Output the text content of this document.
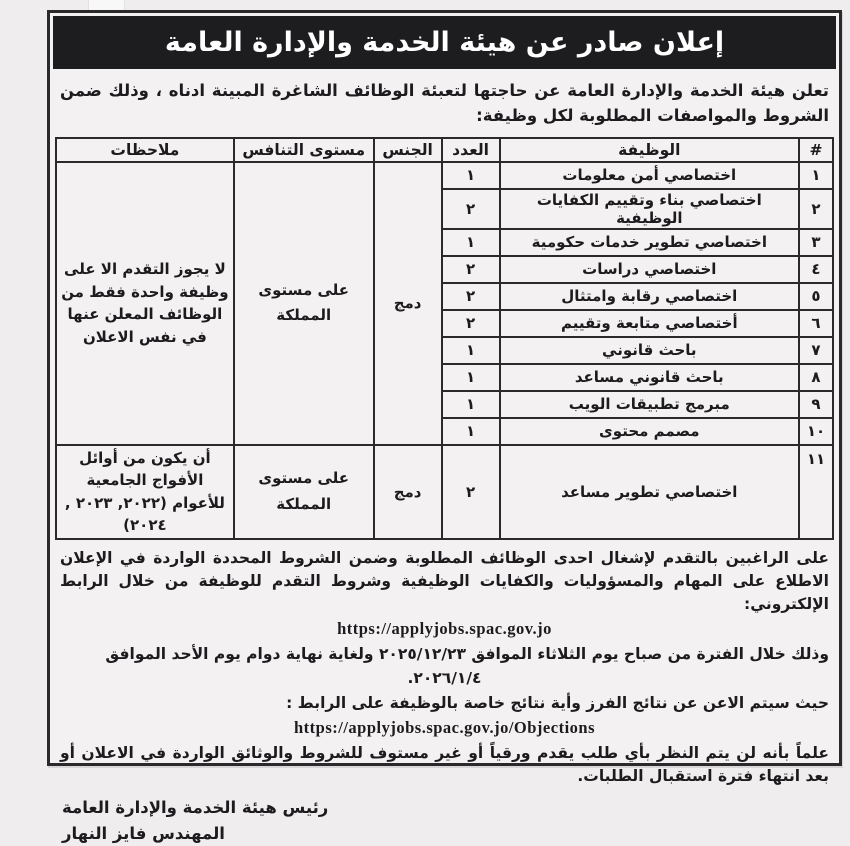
إعلان صادر عن هيئة الخدمة والإدارة العامة

تعلن هيئة الخدمة والإدارة العامة عن حاجتها لتعبئة الوظائف الشاغرة المبينة ادناه ، وذلك ضمن الشروط والمواصفات المطلوبة لكل وظيفة:

#	الوظيفة	العدد	الجنس	مستوى التنافس	ملاحظات
١	اختصاصي أمن معلومات	١	دمج	على مستوى المملكة	لا يجوز التقدم الا على وظيفة واحدة فقط من الوظائف المعلن عنها في نفس الاعلان
٢	اختصاصي بناء وتقييم الكفايات الوظيفية	٢			
٣	اختصاصي تطوير خدمات حكومية	١			
٤	اختصاصي دراسات	٢			
٥	اختصاصي رقابة وامتثال	٢			
٦	أختصاصي متابعة وتقييم	٢			
٧	باحث قانوني	١			
٨	باحث قانوني مساعد	١			
٩	مبرمج تطبيقات الويب	١			
١٠	مصمم محتوى	١			
١١	اختصاصي تطوير مساعد	٢	دمج	على مستوى المملكة	أن يكون من أوائل الأفواج الجامعية للأعوام (٢٠٢٢, ٢٠٢٣ , ٢٠٢٤)

على الراغبين بالتقدم لإشغال احدى الوظائف المطلوبة وضمن الشروط المحددة الواردة في الإعلان الاطلاع على المهام والمسؤوليات والكفايات الوظيفية وشروط التقدم للوظيفة من خلال الرابط الإلكتروني:

https://applyjobs.spac.gov.jo

وذلك خلال الفترة من صباح يوم الثلاثاء الموافق ٢٠٢٥/١٢/٢٣ ولغاية نهاية دوام يوم الأحد الموافق

٢٠٢٦/١/٤.

حيث سيتم الاعن عن نتائج الفرز وأية نتائج خاصة بالوظيفة على الرابط :

https://applyjobs.spac.gov.jo/Objections

علماً بأنه لن يتم النظر بأي طلب يقدم ورقياً أو غير مستوف للشروط والوثائق الواردة في الاعلان أو بعد انتهاء فترة استقبال الطلبات.

رئيس هيئة الخدمة والإدارة العامة
المهندس فايز النهار
